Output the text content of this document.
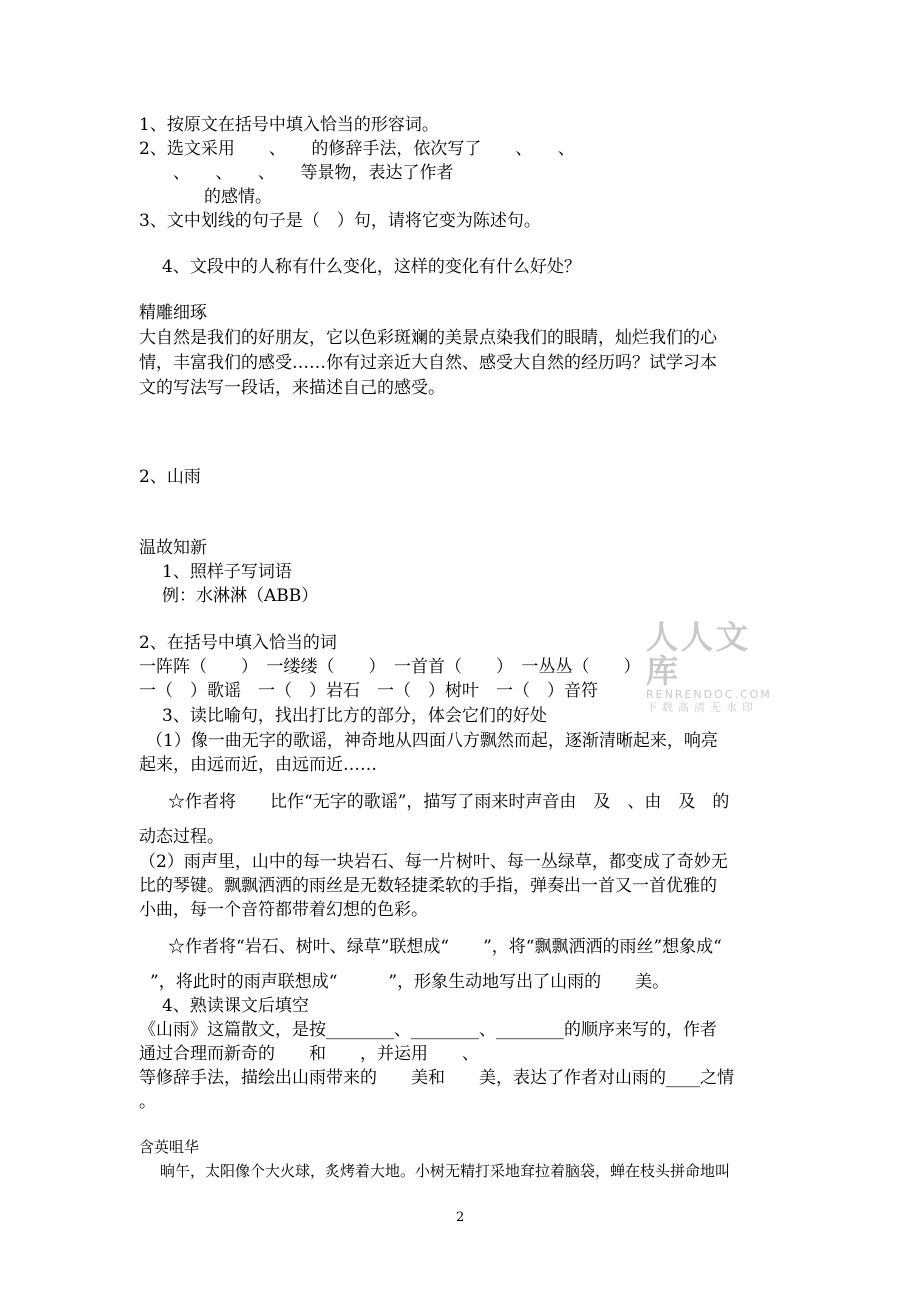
1、按原文在括号中填入恰当的形容词。
2、选文采用　　、　　的修辞手法，依次写了　　、　　、
　　、　　、　　、　　等景物，表达了作者
的感情。
3、文中划线的句子是（　）句，请将它变为陈述句。
4、文段中的人称有什么变化，这样的变化有什么好处？
精雕细琢
大自然是我们的好朋友，它以色彩斑斓的美景点染我们的眼睛，灿烂我们的心
情，丰富我们的感受……你有过亲近大自然、感受大自然的经历吗？试学习本
文的写法写一段话，来描述自己的感受。
2、山雨
温故知新
1、照样子写词语
例：水淋淋（ABB）
2、在括号中填入恰当的词
一阵阵（　　）　一缕缕（　　）　一首首（　　）　一丛丛（　　）
一（　）歌谣　一（　）岩石　一（　）树叶　一（　）音符
3、读比喻句，找出打比方的部分，体会它们的好处
（1）像一曲无字的歌谣，神奇地从四面八方飘然而起，逐渐清晰起来，响亮
起来，由远而近，由远而近……
☆作者将　　比作“无字的歌谣”，描写了雨来时声音由　及　、由　及　的
动态过程。
（2）雨声里，山中的每一块岩石、每一片树叶、每一丛绿草，都变成了奇妙无
比的琴键。飘飘洒洒的雨丝是无数轻捷柔软的手指，弹奏出一首又一首优雅的
小曲，每一个音符都带着幻想的色彩。
☆作者将“岩石、树叶、绿草”联想成“　　”，将“飘飘洒洒的雨丝”想象成“
”，将此时的雨声联想成“　　　”，形象生动地写出了山雨的　　美。
4、熟读课文后填空
《山雨》这篇散文，是按________、________、________的顺序来写的，作者
通过合理而新奇的　　和　　，并运用　　、
等修辞手法，描绘出山雨带来的　　美和　　美，表达了作者对山雨的____之情
。
含英咀华
晌午，太阳像个大火球，炙烤着大地。小树无精打采地耷拉着脑袋，蝉在枝头拼命地叫
人人文库
RENRENDOC.COM
下载高清无水印
2
